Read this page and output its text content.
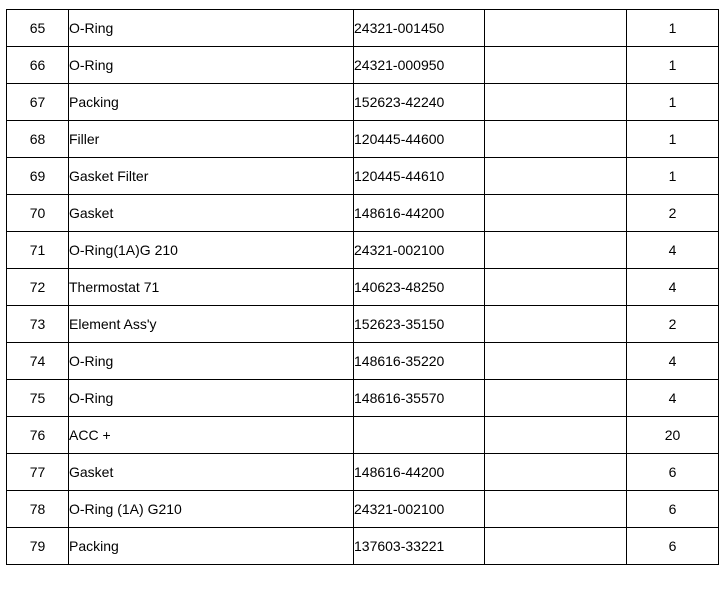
65	O-Ring	24321-001450		1
66	O-Ring	24321-000950		1
67	Packing	152623-42240		1
68	Filler	120445-44600		1
69	Gasket Filter	120445-44610		1
70	Gasket	148616-44200		2
71	O-Ring(1A)G 210	24321-002100		4
72	Thermostat 71	140623-48250		4
73	Element Ass'y	152623-35150		2
74	O-Ring	148616-35220		4
75	O-Ring	148616-35570		4
76	ACC +			20
77	Gasket	148616-44200		6
78	O-Ring (1A) G210	24321-002100		6
79	Packing	137603-33221		6
